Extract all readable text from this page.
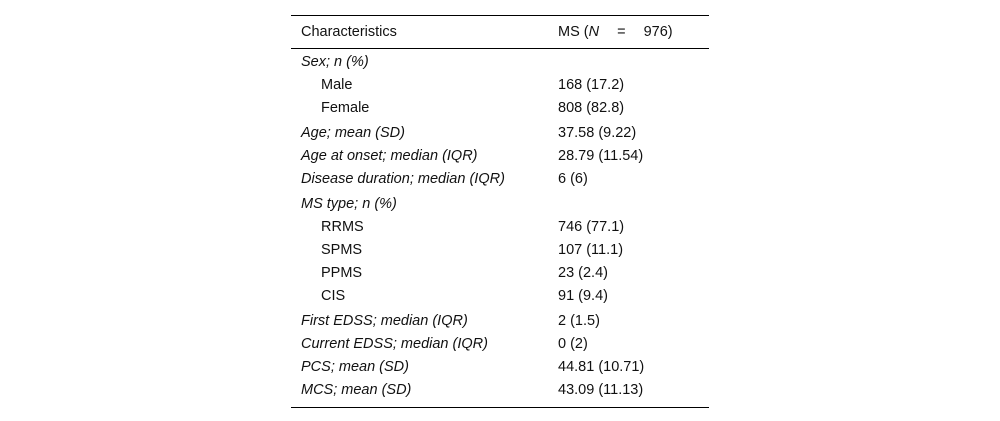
Characteristics	MS (N = 976)
Sex; n (%)
Male	168 (17.2)
Female	808 (82.8)
Age; mean (SD)	37.58 (9.22)
Age at onset; median (IQR)	28.79 (11.54)
Disease duration; median (IQR)	6 (6)
MS type; n (%)
RRMS	746 (77.1)
SPMS	107 (11.1)
PPMS	23 (2.4)
CIS	91 (9.4)
First EDSS; median (IQR)	2 (1.5)
Current EDSS; median (IQR)	0 (2)
PCS; mean (SD)	44.81 (10.71)
MCS; mean (SD)	43.09 (11.13)
